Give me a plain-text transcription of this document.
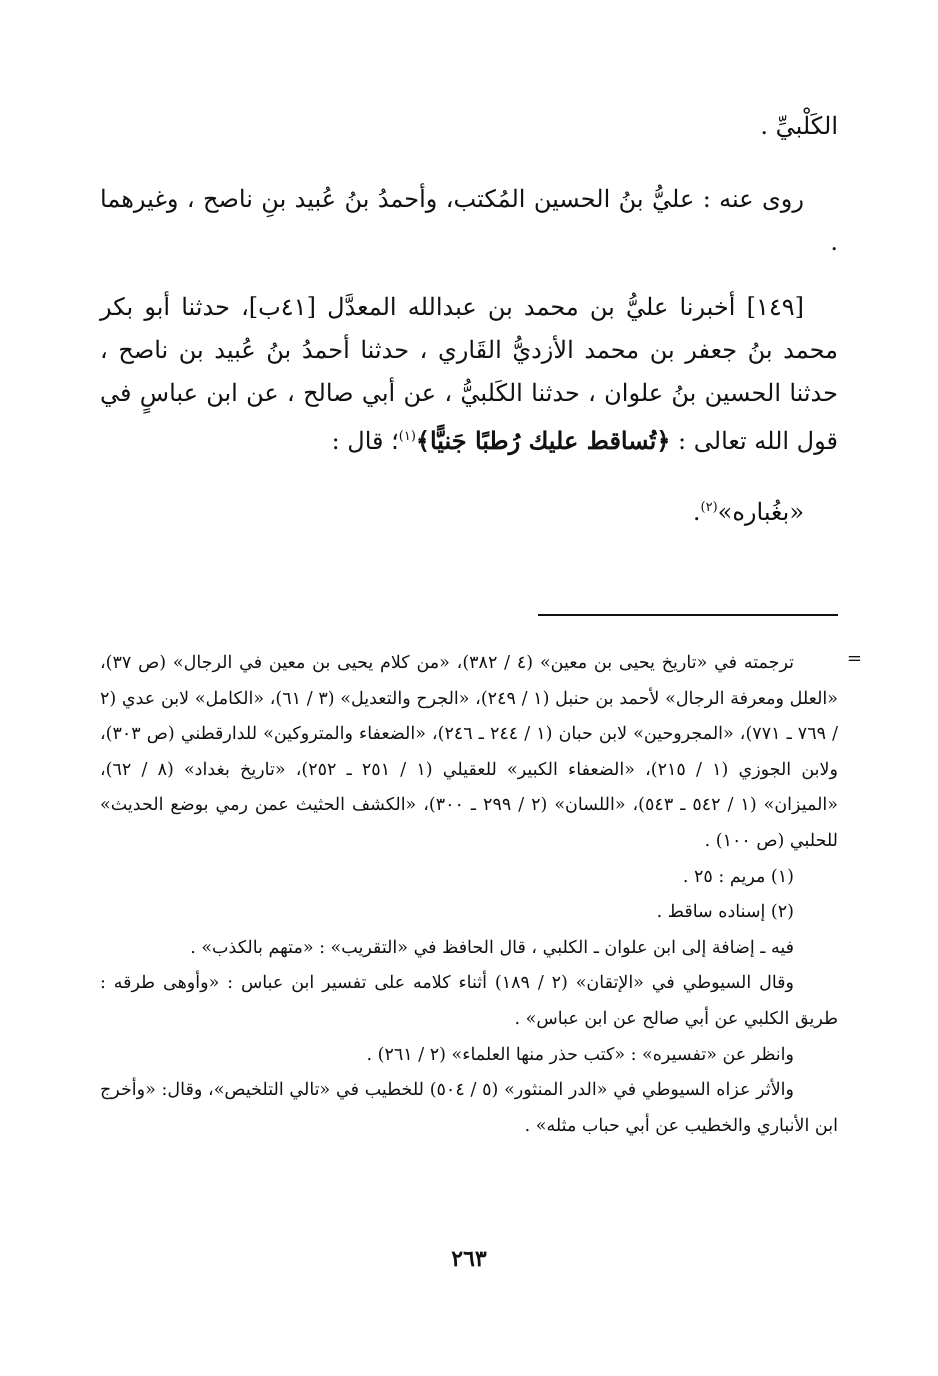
الكَلْبيِّ .

روى عنه : عليُّ بنُ الحسين المُكتب، وأحمدُ بنُ عُبيد بنِ ناصح ، وغيرهما .

[١٤٩] أخبرنا عليُّ بن محمد بن عبدالله المعدَّل [٤١ب]، حدثنا أبو بكر محمد بنُ جعفر بن محمد الأزديُّ القَاري ، حدثنا أحمدُ بنُ عُبيد بن ناصح ، حدثنا الحسين بنُ علوان ، حدثنا الكَلبيُّ ، عن أبي صالح ، عن ابن عباسٍ في قول الله تعالى : ﴿تُساقط عليك رُطبًا جَنيًّا﴾$^{(١)}$؛ قال :

«بغُباره»$^{(٢)}$.

=

ترجمته في «تاريخ يحيى بن معين» (٤ / ٣٨٢)، «من كلام يحيى بن معين في الرجال» (ص ٣٧)، «العلل ومعرفة الرجال» لأحمد بن حنبل (١ / ٢٤٩)، «الجرح والتعديل» (٣ / ٦١)، «الكامل» لابن عدي (٢ / ٧٦٩ ـ ٧٧١)، «المجروحين» لابن حبان (١ / ٢٤٤ ـ ٢٤٦)، «الضعفاء والمتروكين» للدارقطني (ص ٣٠٣)، ولابن الجوزي (١ / ٢١٥)، «الضعفاء الكبير» للعقيلي (١ / ٢٥١ ـ ٢٥٢)، «تاريخ بغداد» (٨ / ٦٢)، «الميزان» (١ / ٥٤٢ ـ ٥٤٣)، «اللسان» (٢ / ٢٩٩ ـ ٣٠٠)، «الكشف الحثيث عمن رمي بوضع الحديث» للحلبي (ص ١٠٠) .

(١) مريم : ٢٥ .

(٢) إسناده ساقط .

فيه ـ إضافة إلى ابن علوان ـ الكلبي ، قال الحافظ في «التقريب» : «متهم بالكذب» .

وقال السيوطي في «الإتقان» (٢ / ١٨٩) أثناء كلامه على تفسير ابن عباس : «وأوهى طرقه : طريق الكلبي عن أبي صالح عن ابن عباس» .

وانظر عن «تفسيره» : «كتب حذر منها العلماء» (٢ / ٢٦١) .

والأثر عزاه السيوطي في «الدر المنثور» (٥ / ٥٠٤) للخطيب في «تالي التلخيص»، وقال: «وأخرج ابن الأنباري والخطيب عن أبي حباب مثله» .

٢٦٣
